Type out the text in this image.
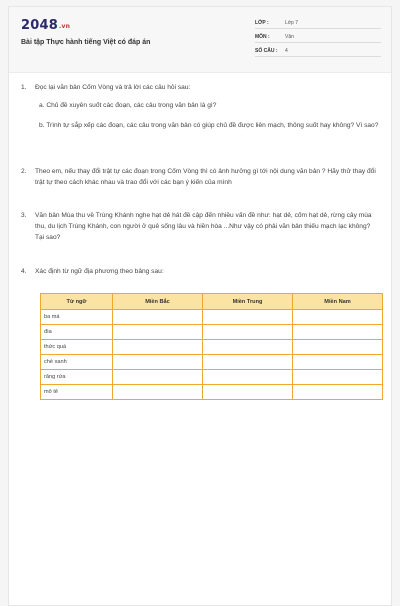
2048.vn
Bài tập Thực hành tiếng Việt có đáp án
LỚP :	Lớp 7
MÔN :	Văn
SỐ CÂU : 4
1.	Đọc lại văn bản Cốm Vòng và trả lời các câu hỏi sau:
a. Chủ đề xuyên suốt các đoạn, các câu trong văn bản là gì?
b. Trình tự sắp xếp các đoạn, các câu trong văn bản có giúp chủ đề được liên mạch, thông suốt hay không? Vì sao?
2.	Theo em, nếu thay đổi trật tự các đoạn trong Cốm Vòng thì có ảnh hưởng gì tới nội dung văn bản ? Hãy thử thay đổi trật tự theo cách khác nhau và trao đổi với các bạn ý kiến của mình
3.	Văn bản Mùa thu về Trùng Khánh nghe hạt dẻ hát đề cập đến nhiều vấn đề như: hạt dẻ, cốm hạt dẻ, rừng cây mùa thu, du lịch Trùng Khánh, con người ở quê sống lâu và hiền hòa ...Như vậy có phải văn bản thiếu mạch lạc không? Tại sao?
4.	Xác định từ ngữ địa phương theo bảng sau:
Từ ngữ	Miền Bắc	Miền Trung	Miền Nam
ba má			
đìa			
thức quà			
chè xanh			
răng rứa			
mô tê			
